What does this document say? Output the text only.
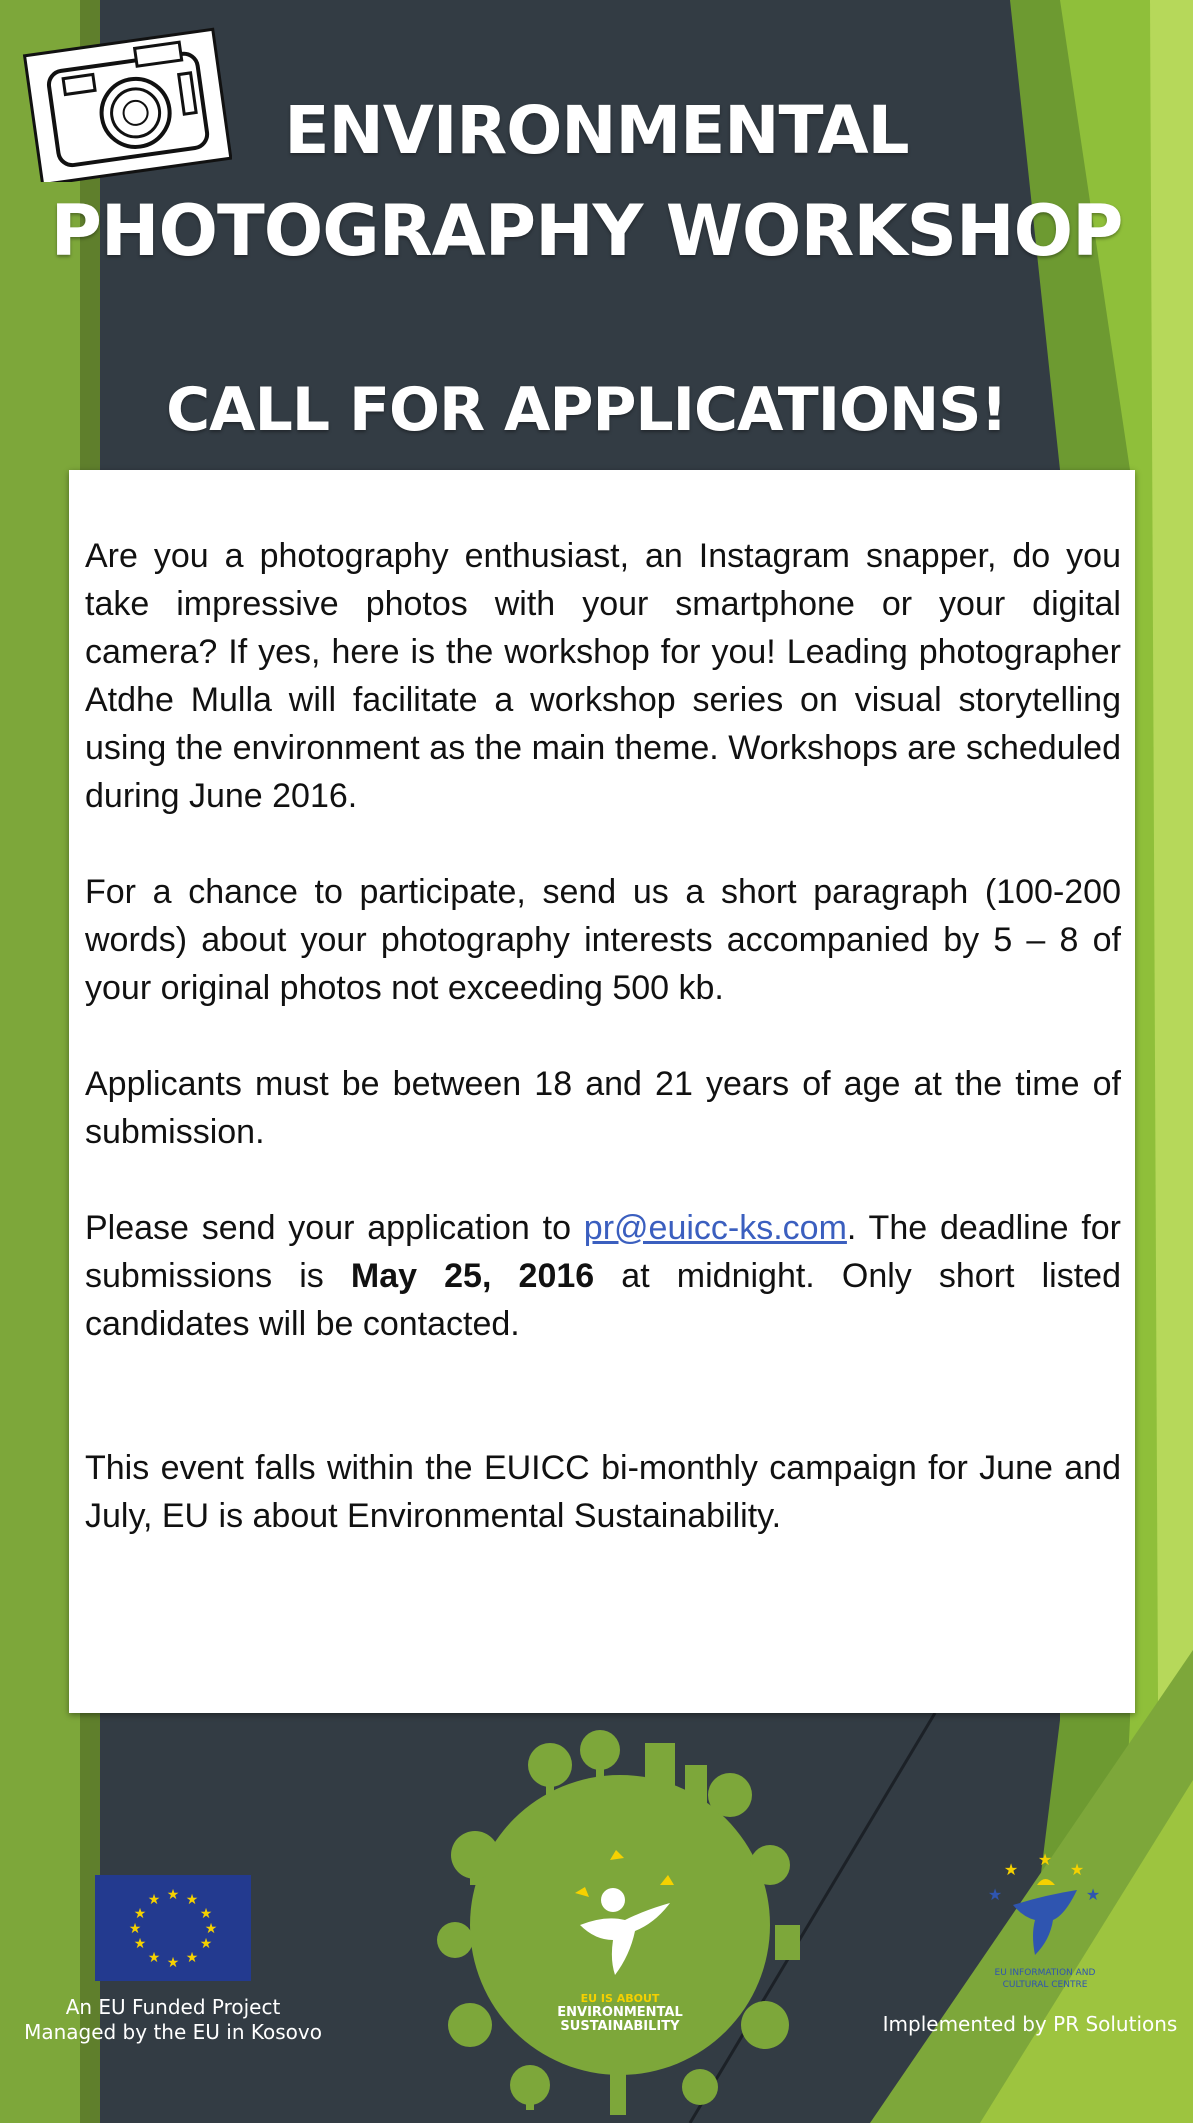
ENVIRONMENTAL
PHOTOGRAPHY WORKSHOP
CALL FOR APPLICATIONS!

Are you a photography enthusiast, an Instagram snapper, do you take impressive photos with your smartphone or your digital camera? If yes, here is the workshop for you! Leading photographer Atdhe Mulla will facilitate a workshop series on visual storytelling using the environment as the main theme. Workshops are scheduled during June 2016.

For a chance to participate, send us a short paragraph (100-200 words) about your photography interests accompanied by 5 – 8 of your original photos not exceeding 500 kb.

Applicants must be between 18 and 21 years of age at the time of submission.

Please send your application to pr@euicc-ks.com. The deadline for submissions is May 25, 2016 at midnight. Only short listed candidates will be contacted.

This event falls within the EUICC bi-monthly campaign for June and July, EU is about Environmental Sustainability.

★ ★
★
★
★
★
★
★
★
★
★
★
An EU Funded Project
Managed by the EU in Kosovo
EU IS ABOUT
ENVIRONMENTAL
SUSTAINABILITY
★
★
★
★	★
EU INFORMATION AND
CULTURAL CENTRE
Implemented by PR Solutions
